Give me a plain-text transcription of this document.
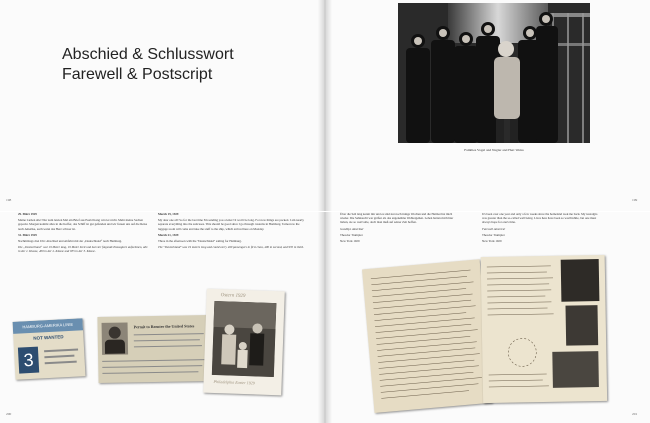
Abschied & Schlusswort
Farewell & Postscript
Families Vogel and Nagler and Herr Weiss
198	199

29. März 1929

Meine Lieben alle! Nur zum letzten Mal ein Brief aus Euald Kang wird er nicht. Mehr meine Sachen gepackt. Morgen kommt alles in die Koffer, das Schiff ist gut gefunden und wir freuen uns auf die Reise nach Amerika, auch wenn das Herz schwer ist.

31. März 1929

Nachmittags drei Uhr: Abschied und Abfahrt mit der „Deutschland“ nach Hamburg.

Die „Deutschland“ war 19 Meter lang, 19 Meter breit und hat vier folgende Passagiere aufnehmen, alle in der 1. Klasse, 400 in der 2. Klasse und 935 in der 3. Klasse.

March 19, 1929

My dear one all! So for the last time I'm sending you a letter! It won't be long. For now things are packed. I am nearly separate everything into the suitcases. This should be good since I go through customs in Hamburg. Tomorrow the luggage room will come and take the stuff to the ship, which arrived here on Monday.

March 21, 1929

Three in the afternoon with the "Deutschland" sailing for Hamburg.

The "Deutschland" was 19 meters long and could carry 400 passengers in first class, 400 in second, and 935 in third.

HAMBURG-AMERIKA LINIE
NOT WANTED
3
Permit to Reenter the United States
Ostern 1929
Philadelphia Easter 1929

Über die Seh lang konnt mir und es sind nur noch innige Wochen und die Heimat hat mich wieder. Die Sehnsucht war größer als das angenehme Wohlergehen. Leben hatten mich hier lieben, sie so wertvolle, doch man muß auf seiner Zeit hoffen.

Goodbye Amerika!

Theodor Trumpler

New York 1929

It's been over one year and only a few weeks since the homeland took me back. My nostalgia was greater than the so-called well being. Lives here have been so worthwhile, but one must always hope for one's time.

Farewell America!

Theodor Trumpler

New York 1929

200	201
